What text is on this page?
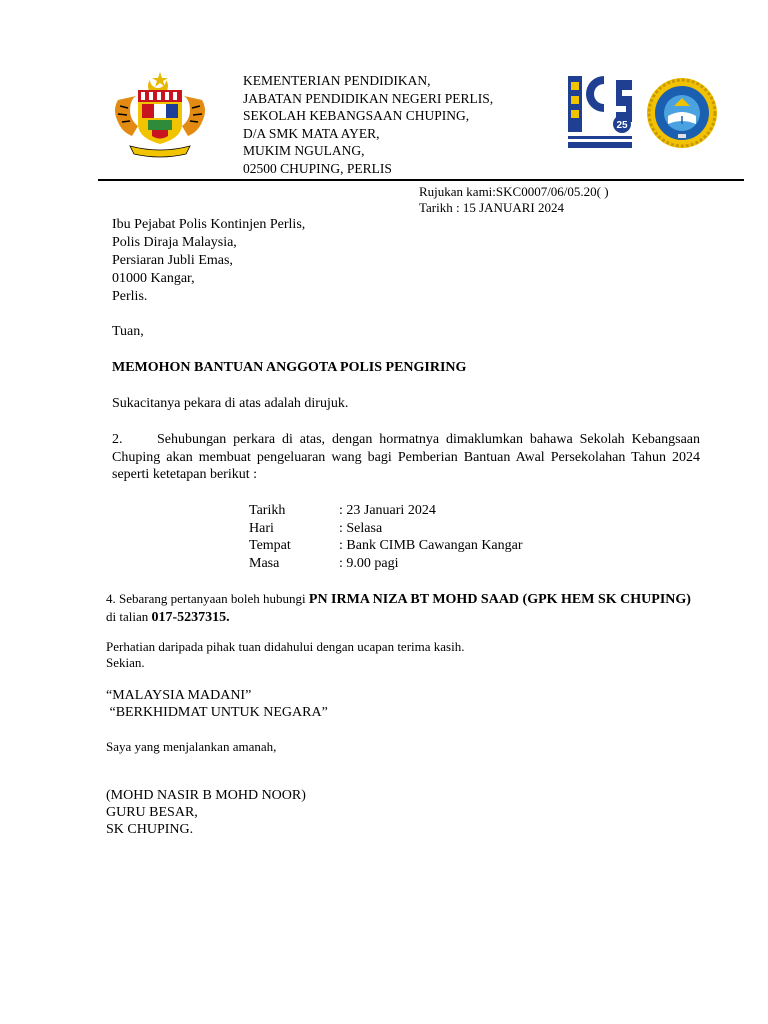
KEMENTERIAN PENDIDIKAN,
JABATAN PENDIDIKAN NEGERI PERLIS,
SEKOLAH KEBANGSAAN CHUPING,
D/A SMK MATA AYER,
MUKIM NGULANG,
02500 CHUPING, PERLIS
25
Rujukan kami:SKC0007/06/05.20( )
Tarikh : 15 JANUARI 2024
Ibu Pejabat Polis Kontinjen Perlis,
Polis Diraja Malaysia,
Persiaran Jubli Emas,
01000 Kangar,
Perlis.
Tuan,
MEMOHON BANTUAN ANGGOTA POLIS PENGIRING
Sukacitanya pekara di atas adalah dirujuk.
2.	Sehubungan perkara di atas, dengan hormatnya dimaklumkan bahawa Sekolah Kebangsaan Chuping akan membuat pengeluaran wang bagi Pemberian Bantuan Awal Persekolahan Tahun 2024 seperti ketetapan berikut :
Tarikh	: 23 Januari 2024
Hari	: Selasa
Tempat	: Bank CIMB Cawangan Kangar
Masa	: 9.00 pagi
4. Sebarang pertanyaan boleh hubungi PN IRMA NIZA BT MOHD SAAD (GPK HEM SK CHUPING)
di talian 017-5237315.
Perhatian daripada pihak tuan didahului dengan ucapan terima kasih.
Sekian.
“MALAYSIA MADANI”
“BERKHIDMAT UNTUK NEGARA”
Saya yang menjalankan amanah,
(MOHD NASIR B MOHD NOOR)
GURU BESAR,
SK CHUPING.
